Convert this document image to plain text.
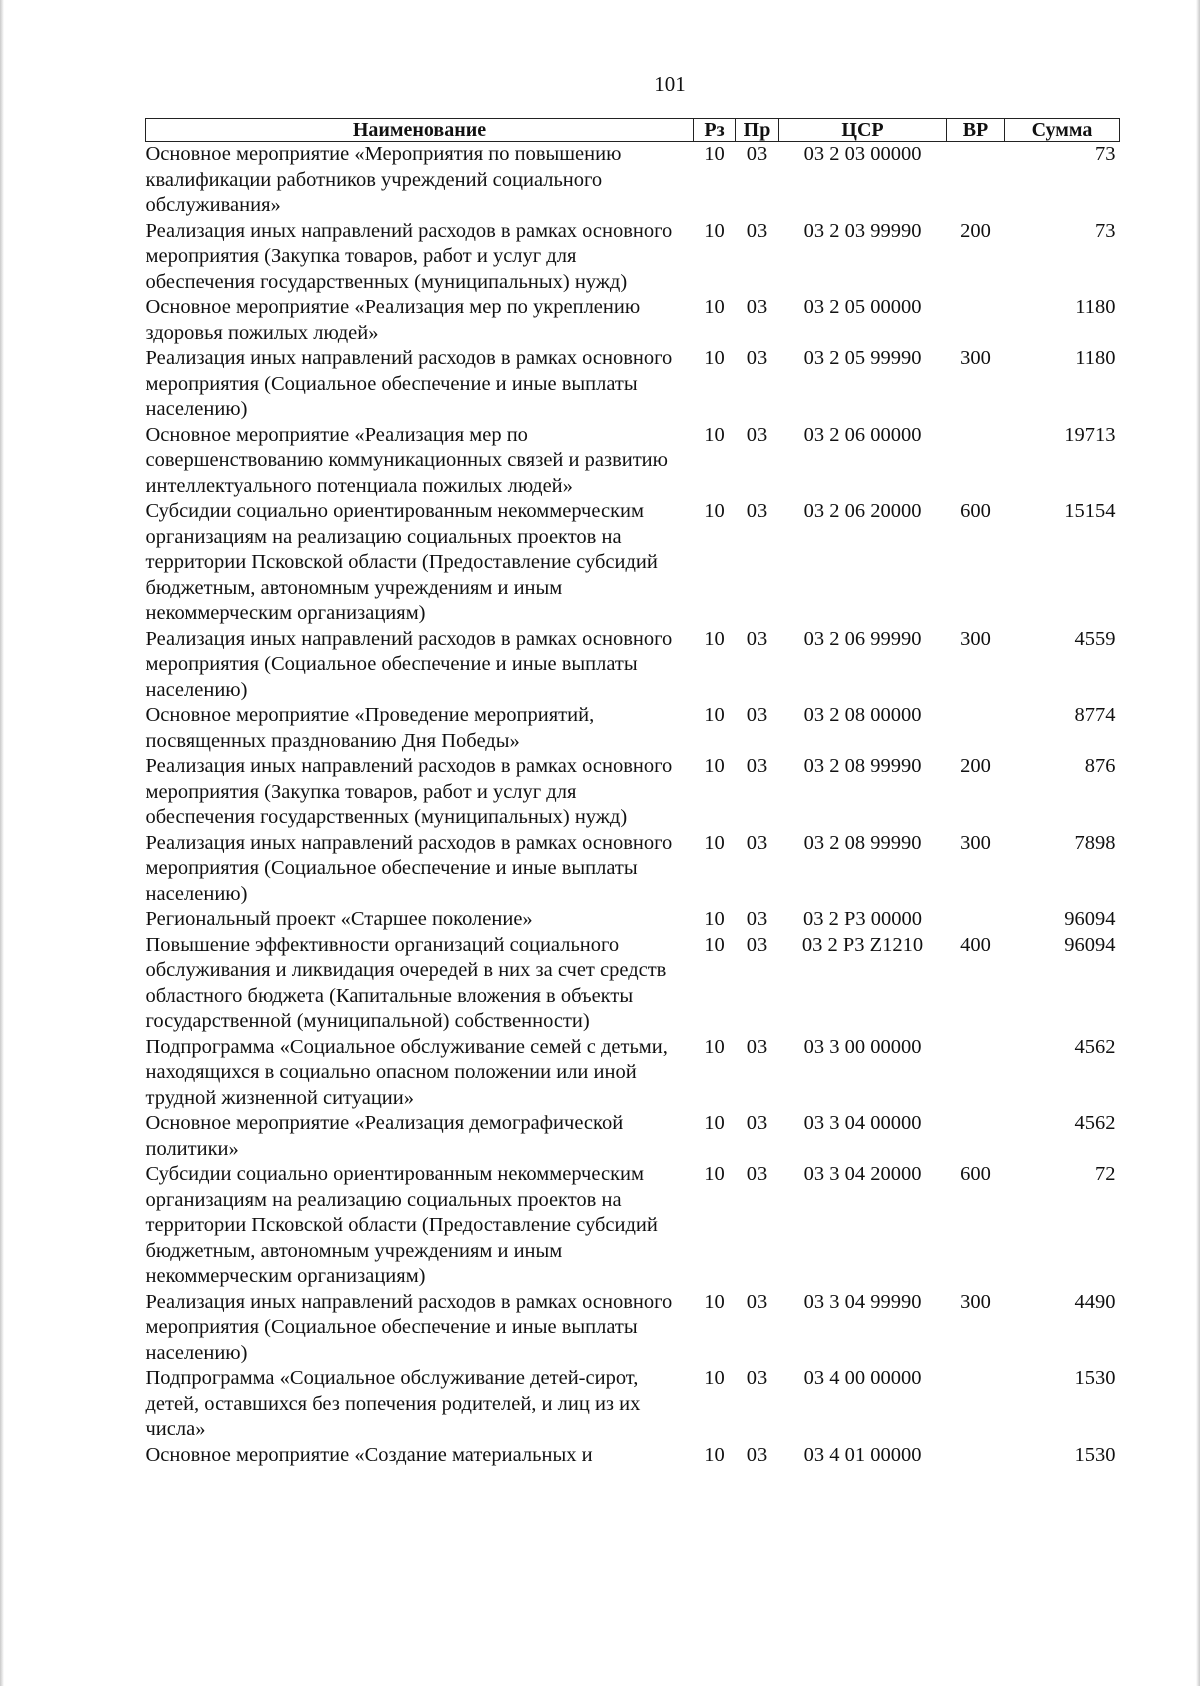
101
Наименование	Рз	Пр	ЦСР	ВР	Сумма
Основное мероприятие «Мероприятия по повышению квалификации работников учреждений социального обслуживания»	10	03	03 2 03 00000		73
Реализация иных направлений расходов в рамках основного мероприятия (Закупка товаров, работ и услуг для обеспечения государственных (муниципальных) нужд)	10	03	03 2 03 99990	200	73
Основное мероприятие «Реализация мер по укреплению здоровья пожилых людей»	10	03	03 2 05 00000		1180
Реализация иных направлений расходов в рамках основного мероприятия (Социальное обеспечение и иные выплаты населению)	10	03	03 2 05 99990	300	1180
Основное мероприятие «Реализация мер по совершенствованию коммуникационных связей и развитию интеллектуального потенциала пожилых людей»	10	03	03 2 06 00000		19713
Субсидии социально ориентированным некоммерческим организациям на реализацию социальных проектов на территории Псковской области (Предоставление субсидий бюджетным, автономным учреждениям и иным некоммерческим организациям)	10	03	03 2 06 20000	600	15154
Реализация иных направлений расходов в рамках основного мероприятия (Социальное обеспечение и иные выплаты населению)	10	03	03 2 06 99990	300	4559
Основное мероприятие «Проведение мероприятий, посвященных празднованию Дня Победы»	10	03	03 2 08 00000		8774
Реализация иных направлений расходов в рамках основного мероприятия (Закупка товаров, работ и услуг для обеспечения государственных (муниципальных) нужд)	10	03	03 2 08 99990	200	876
Реализация иных направлений расходов в рамках основного мероприятия (Социальное обеспечение и иные выплаты населению)	10	03	03 2 08 99990	300	7898
Региональный проект «Старшее поколение»	10	03	03 2 P3 00000		96094
Повышение эффективности организаций социального обслуживания и ликвидация очередей в них за счет средств областного бюджета (Капитальные вложения в объекты государственной (муниципальной) собственности)	10	03	03 2 P3 Z1210	400	96094
Подпрограмма «Социальное обслуживание семей с детьми, находящихся в социально опасном положении или иной трудной жизненной ситуации»	10	03	03 3 00 00000		4562
Основное мероприятие «Реализация демографической политики»	10	03	03 3 04 00000		4562
Субсидии социально ориентированным некоммерческим организациям на реализацию социальных проектов на территории Псковской области (Предоставление субсидий бюджетным, автономным учреждениям и иным некоммерческим организациям)	10	03	03 3 04 20000	600	72
Реализация иных направлений расходов в рамках основного мероприятия (Социальное обеспечение и иные выплаты населению)	10	03	03 3 04 99990	300	4490
Подпрограмма «Социальное обслуживание детей-сирот, детей, оставшихся без попечения родителей, и лиц из их числа»	10	03	03 4 00 00000		1530
Основное мероприятие «Создание материальных и	10	03	03 4 01 00000		1530
